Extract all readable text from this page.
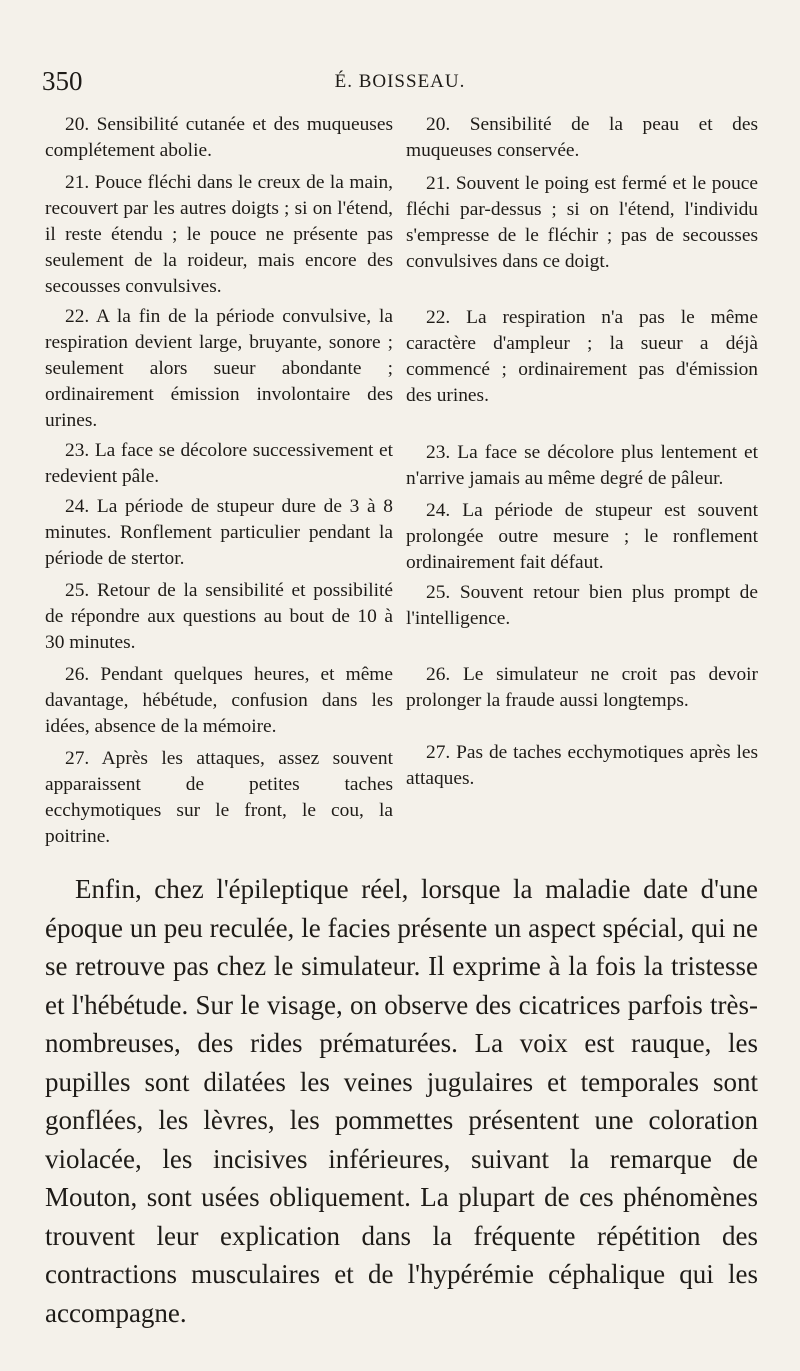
350	É. BOISSEAU.

20. Sensibilité cutanée et des muqueuses complétement abolie.

21. Pouce fléchi dans le creux de la main, recouvert par les autres doigts ; si on l'étend, il reste étendu ; le pouce ne présente pas seulement de la roideur, mais encore des secousses convulsives.

22. A la fin de la période convulsive, la respiration devient large, bruyante, sonore ; seulement alors sueur abondante ; ordinairement émission involontaire des urines.

23. La face se décolore successivement et redevient pâle.

24. La période de stupeur dure de 3 à 8 minutes. Ronflement particulier pendant la période de stertor.

25. Retour de la sensibilité et possibilité de répondre aux questions au bout de 10 à 30 minutes.

26. Pendant quelques heures, et même davantage, hébétude, confusion dans les idées, absence de la mémoire.

27. Après les attaques, assez souvent apparaissent de petites taches ecchymotiques sur le front, le cou, la poitrine.

20. Sensibilité de la peau et des muqueuses conservée.

21. Souvent le poing est fermé et le pouce fléchi par-dessus ; si on l'étend, l'individu s'empresse de le fléchir ; pas de secousses convulsives dans ce doigt.

22. La respiration n'a pas le même caractère d'ampleur ; la sueur a déjà commencé ; ordinairement pas d'émission des urines.

23. La face se décolore plus lentement et n'arrive jamais au même degré de pâleur.

24. La période de stupeur est souvent prolongée outre mesure ; le ronflement ordinairement fait défaut.

25. Souvent retour bien plus prompt de l'intelligence.

26. Le simulateur ne croit pas devoir prolonger la fraude aussi longtemps.

27. Pas de taches ecchymotiques après les attaques.

Enfin, chez l'épileptique réel, lorsque la maladie date d'une époque un peu reculée, le facies présente un aspect spécial, qui ne se retrouve pas chez le simulateur. Il exprime à la fois la tristesse et l'hébétude. Sur le visage, on observe des cicatrices parfois très-nombreuses, des rides prématurées. La voix est rauque, les pupilles sont dilatées les veines jugulaires et temporales sont gonflées, les lèvres, les pommettes présentent une coloration violacée, les incisives inférieures, suivant la remarque de Mouton, sont usées obliquement. La plupart de ces phénomènes trouvent leur explication dans la fréquente répétition des contractions musculaires et de l'hypérémie céphalique qui les accompagne.
